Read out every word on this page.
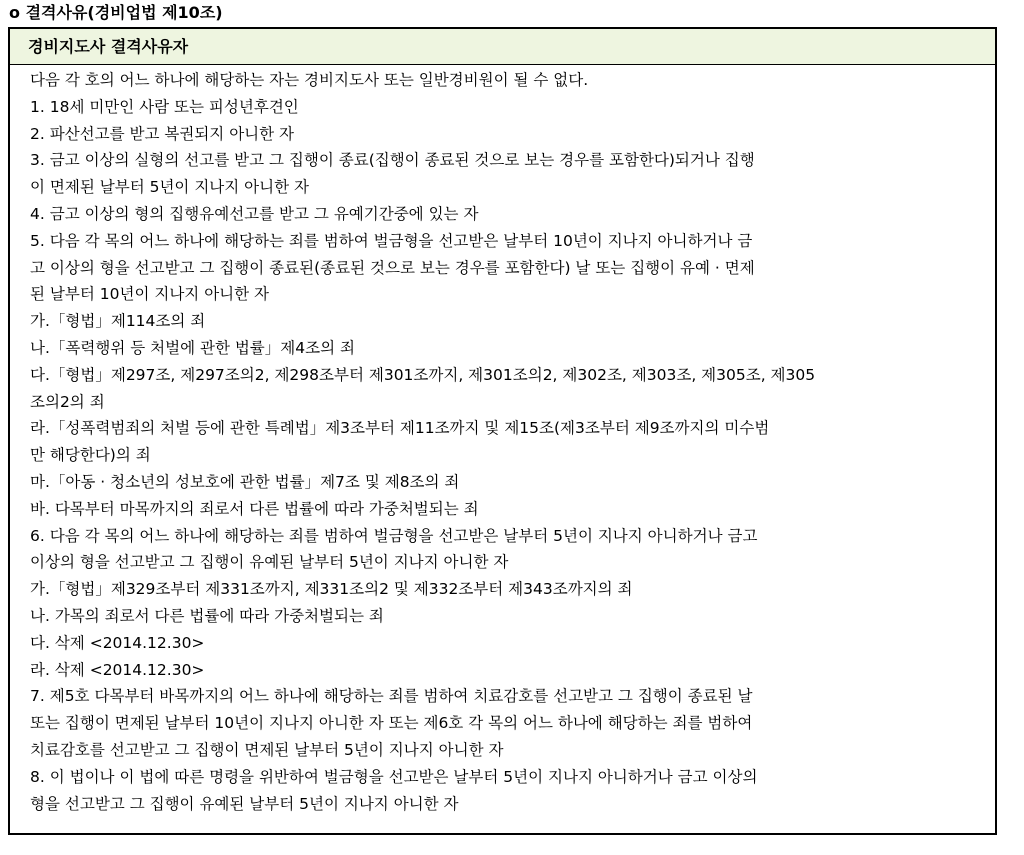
o 결격사유(경비업법 제10조)
경비지도사 결격사유자
다음 각 호의 어느 하나에 해당하는 자는 경비지도사 또는 일반경비원이 될 수 없다.
1. 18세 미만인 사람 또는 피성년후견인
2. 파산선고를 받고 복권되지 아니한 자
3. 금고 이상의 실형의 선고를 받고 그 집행이 종료(집행이 종료된 것으로 보는 경우를 포함한다)되거나 집행
이 면제된 날부터 5년이 지나지 아니한 자
4. 금고 이상의 형의 집행유예선고를 받고 그 유예기간중에 있는 자
5. 다음 각 목의 어느 하나에 해당하는 죄를 범하여 벌금형을 선고받은 날부터 10년이 지나지 아니하거나 금
고 이상의 형을 선고받고 그 집행이 종료된(종료된 것으로 보는 경우를 포함한다) 날 또는 집행이 유예 · 면제
된 날부터 10년이 지나지 아니한 자
가.「형법」제114조의 죄
나.「폭력행위 등 처벌에 관한 법률」제4조의 죄
다.「형법」제297조, 제297조의2, 제298조부터 제301조까지, 제301조의2, 제302조, 제303조, 제305조, 제305
조의2의 죄
라.「성폭력범죄의 처벌 등에 관한 특례법」제3조부터 제11조까지 및 제15조(제3조부터 제9조까지의 미수범
만 해당한다)의 죄
마.「아동 · 청소년의 성보호에 관한 법률」제7조 및 제8조의 죄
바. 다목부터 마목까지의 죄로서 다른 법률에 따라 가중처벌되는 죄
6. 다음 각 목의 어느 하나에 해당하는 죄를 범하여 벌금형을 선고받은 날부터 5년이 지나지 아니하거나 금고
이상의 형을 선고받고 그 집행이 유예된 날부터 5년이 지나지 아니한 자
가.「형법」제329조부터 제331조까지, 제331조의2 및 제332조부터 제343조까지의 죄
나. 가목의 죄로서 다른 법률에 따라 가중처벌되는 죄
다. 삭제 <2014.12.30>
라. 삭제 <2014.12.30>
7. 제5호 다목부터 바목까지의 어느 하나에 해당하는 죄를 범하여 치료감호를 선고받고 그 집행이 종료된 날
또는 집행이 면제된 날부터 10년이 지나지 아니한 자 또는 제6호 각 목의 어느 하나에 해당하는 죄를 범하여
치료감호를 선고받고 그 집행이 면제된 날부터 5년이 지나지 아니한 자
8. 이 법이나 이 법에 따른 명령을 위반하여 벌금형을 선고받은 날부터 5년이 지나지 아니하거나 금고 이상의
형을 선고받고 그 집행이 유예된 날부터 5년이 지나지 아니한 자
